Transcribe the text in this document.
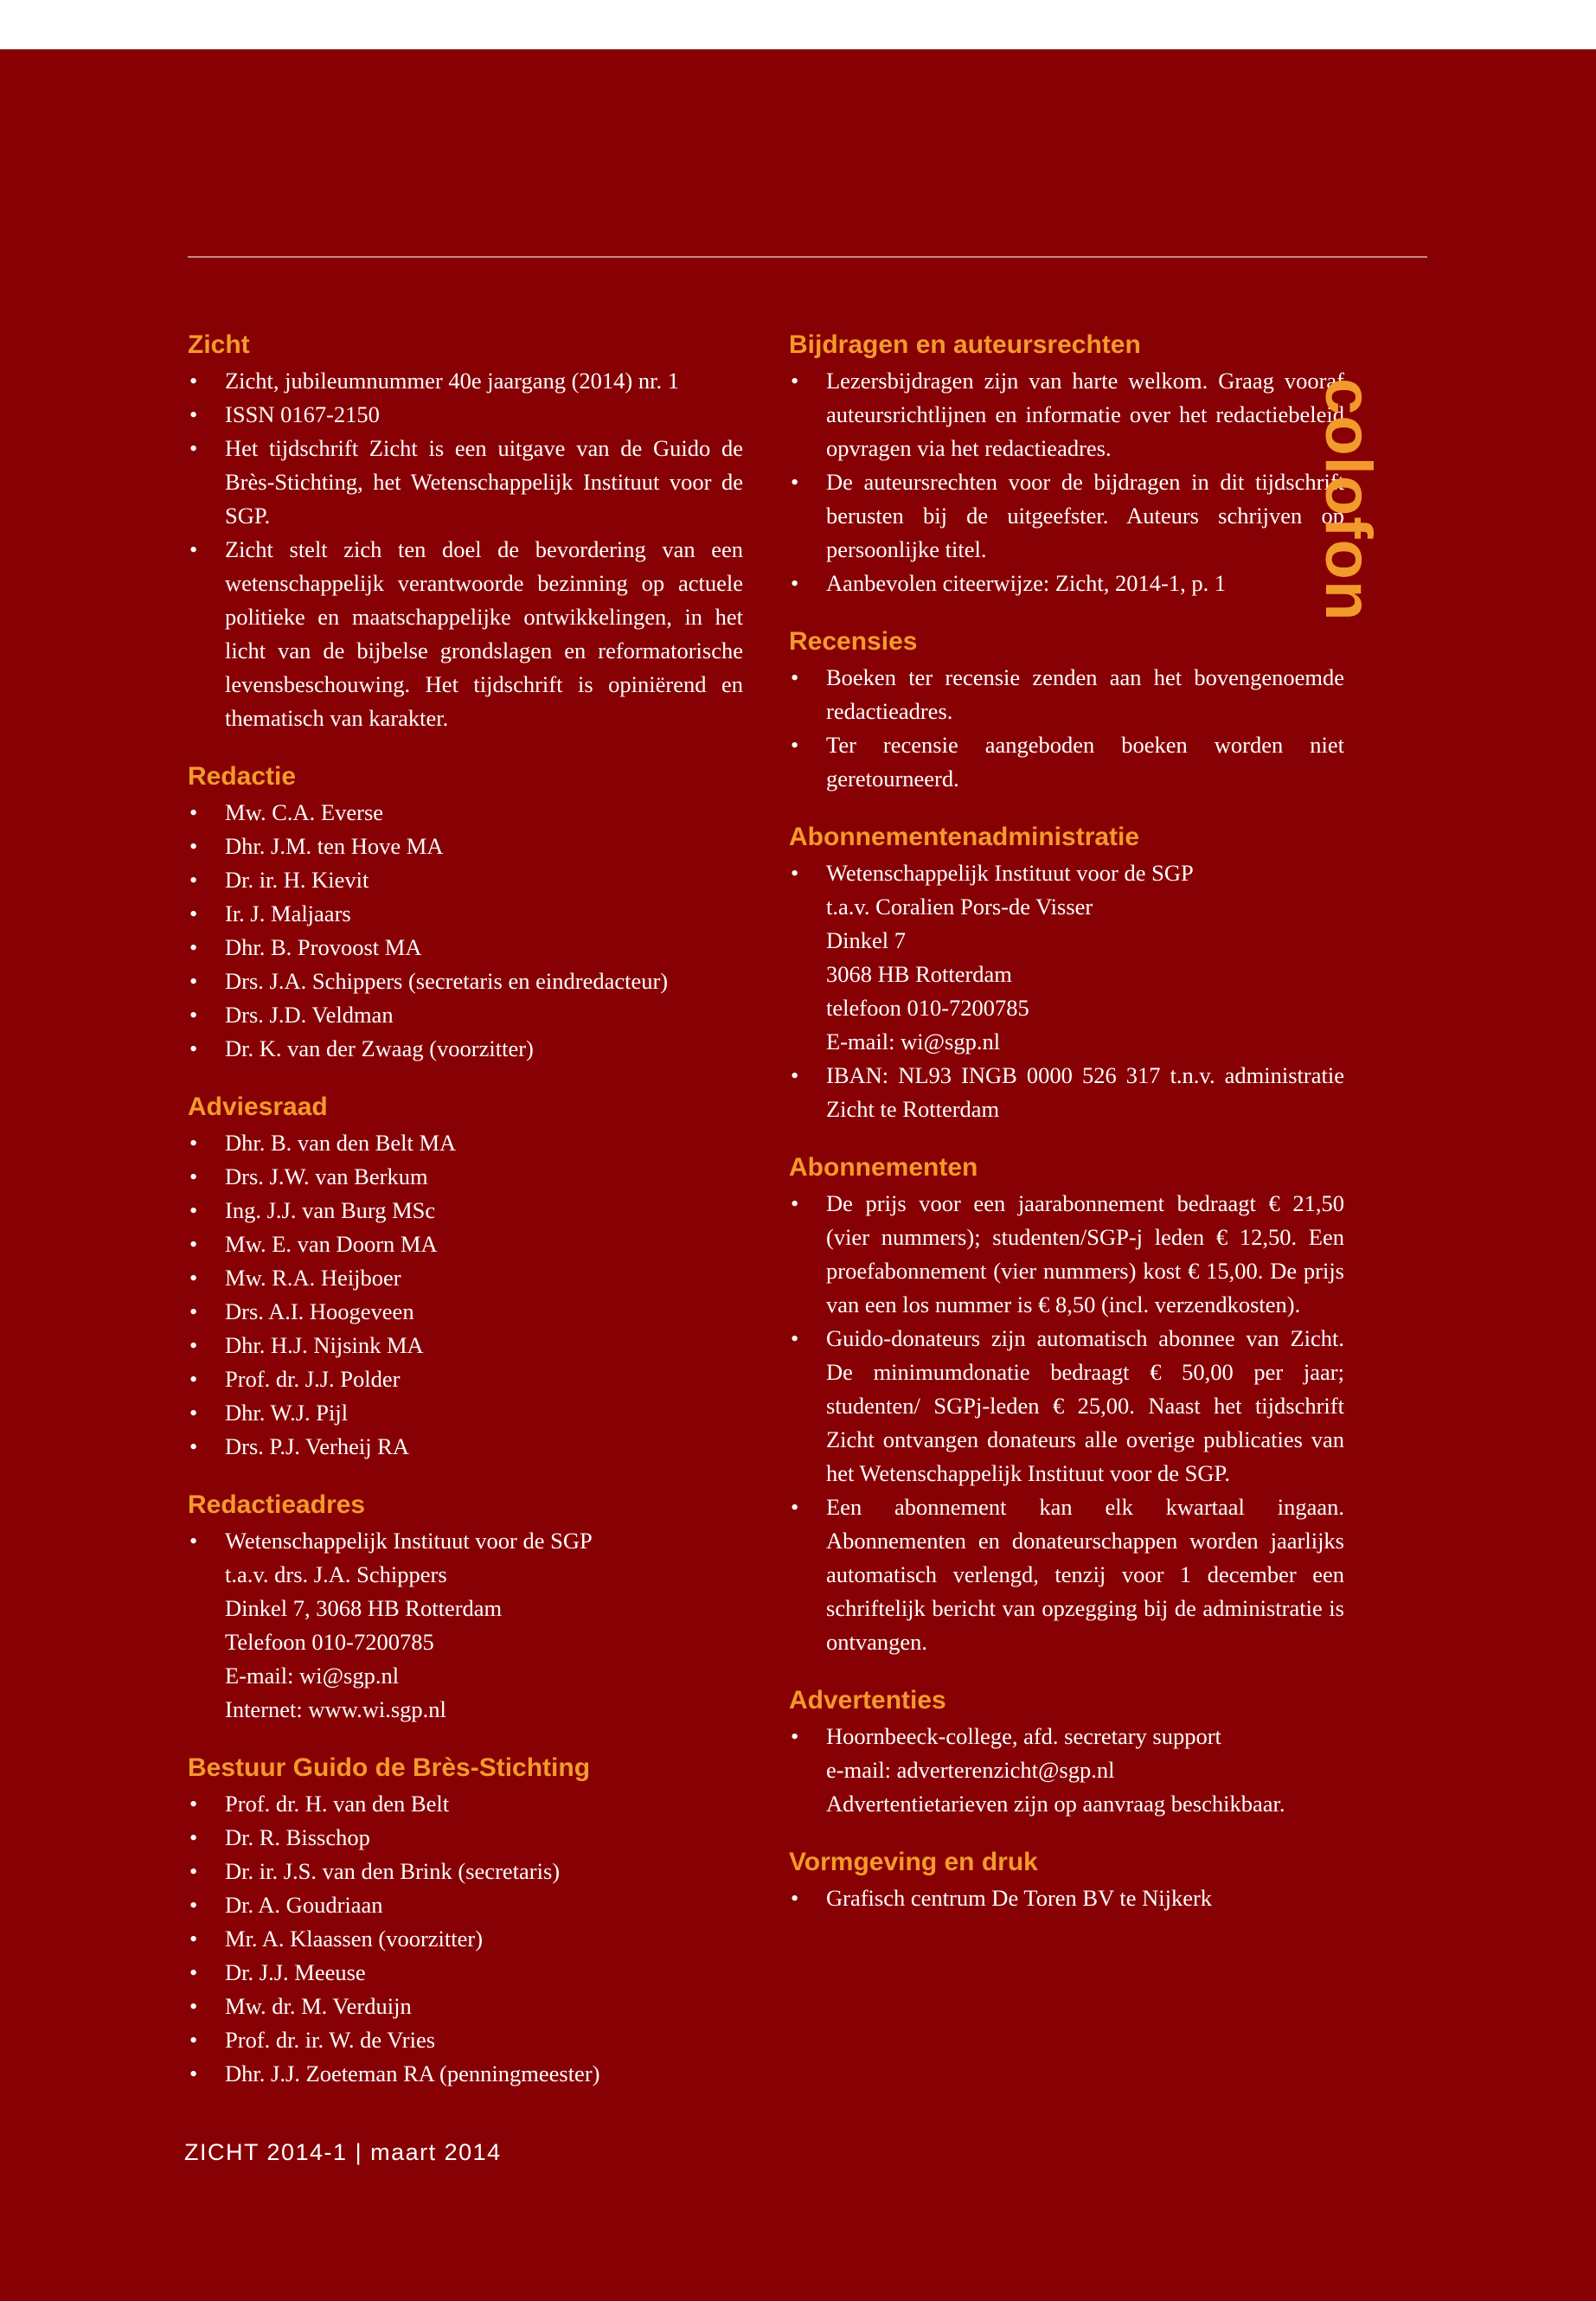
Zicht
• Zicht, jubileumnummer 40e jaargang (2014) nr. 1
• ISSN 0167-2150
• Het tijdschrift Zicht is een uitgave van de Guido de Brès-Stichting, het Wetenschappelijk Instituut voor de SGP.
• Zicht stelt zich ten doel de bevordering van een wetenschappelijk verantwoorde bezinning op actuele politieke en maatschappelijke ontwikkelingen, in het licht van de bijbelse grondslagen en reformatorische levensbeschouwing. Het tijdschrift is opiniërend en thematisch van karakter.
Redactie
• Mw. C.A. Everse
• Dhr. J.M. ten Hove MA
• Dr. ir. H. Kievit
• Ir. J. Maljaars
• Dhr. B. Provoost MA
• Drs. J.A. Schippers (secretaris en eindredacteur)
• Drs. J.D. Veldman
• Dr. K. van der Zwaag (voorzitter)
Adviesraad
• Dhr. B. van den Belt MA
• Drs. J.W. van Berkum
• Ing. J.J. van Burg MSc
• Mw. E. van Doorn MA
• Mw. R.A. Heijboer
• Drs. A.I. Hoogeveen
• Dhr. H.J. Nijsink MA
• Prof. dr. J.J. Polder
• Dhr. W.J. Pijl
• Drs. P.J. Verheij RA
Redactieadres
• Wetenschappelijk Instituut voor de SGP
t.a.v. drs. J.A. Schippers
Dinkel 7, 3068 HB Rotterdam
Telefoon 010-7200785
E-mail: wi@sgp.nl
Internet: www.wi.sgp.nl
Bestuur Guido de Brès-Stichting
• Prof. dr. H. van den Belt
• Dr. R. Bisschop
• Dr. ir. J.S. van den Brink (secretaris)
• Dr. A. Goudriaan
• Mr. A. Klaassen (voorzitter)
• Dr. J.J. Meeuse
• Mw. dr. M. Verduijn
• Prof. dr. ir. W. de Vries
• Dhr. J.J. Zoeteman RA (penningmeester)
Bijdragen en auteursrechten
• Lezersbijdragen zijn van harte welkom. Graag vooraf auteursrichtlijnen en informatie over het redactiebeleid opvragen via het redactieadres.
• De auteursrechten voor de bijdragen in dit tijdschrift berusten bij de uitgeefster. Auteurs schrijven op persoonlijke titel.
• Aanbevolen citeerwijze: Zicht, 2014-1, p. 1
Recensies
• Boeken ter recensie zenden aan het bovengenoemde redactieadres.
• Ter recensie aangeboden boeken worden niet geretourneerd.
Abonnementenadministratie
• Wetenschappelijk Instituut voor de SGP
t.a.v. Coralien Pors-de Visser
Dinkel 7
3068 HB Rotterdam
telefoon 010-7200785
E-mail: wi@sgp.nl
• IBAN: NL93 INGB 0000 526 317 t.n.v. administratie Zicht te Rotterdam
Abonnementen
• De prijs voor een jaarabonnement bedraagt € 21,50 (vier nummers); studenten/SGP-j leden € 12,50. Een proefabonnement (vier nummers) kost € 15,00. De prijs van een los nummer is € 8,50 (incl. verzendkosten).
• Guido-donateurs zijn automatisch abonnee van Zicht. De minimumdonatie bedraagt € 50,00 per jaar; studenten/ SGPj-leden € 25,00. Naast het tijdschrift Zicht ontvangen donateurs alle overige publicaties van het Wetenschappelijk Instituut voor de SGP.
• Een abonnement kan elk kwartaal ingaan. Abonnementen en donateurschappen worden jaarlijks automatisch verlengd, tenzij voor 1 december een schriftelijk bericht van opzegging bij de administratie is ontvangen.
Advertenties
• Hoornbeeck-college, afd. secretary support
e-mail: adverterenzicht@sgp.nl
Advertentietarieven zijn op aanvraag beschikbaar.
Vormgeving en druk
• Grafisch centrum De Toren BV te Nijkerk
colofon
ZICHT 2014-1 | maart 2014
